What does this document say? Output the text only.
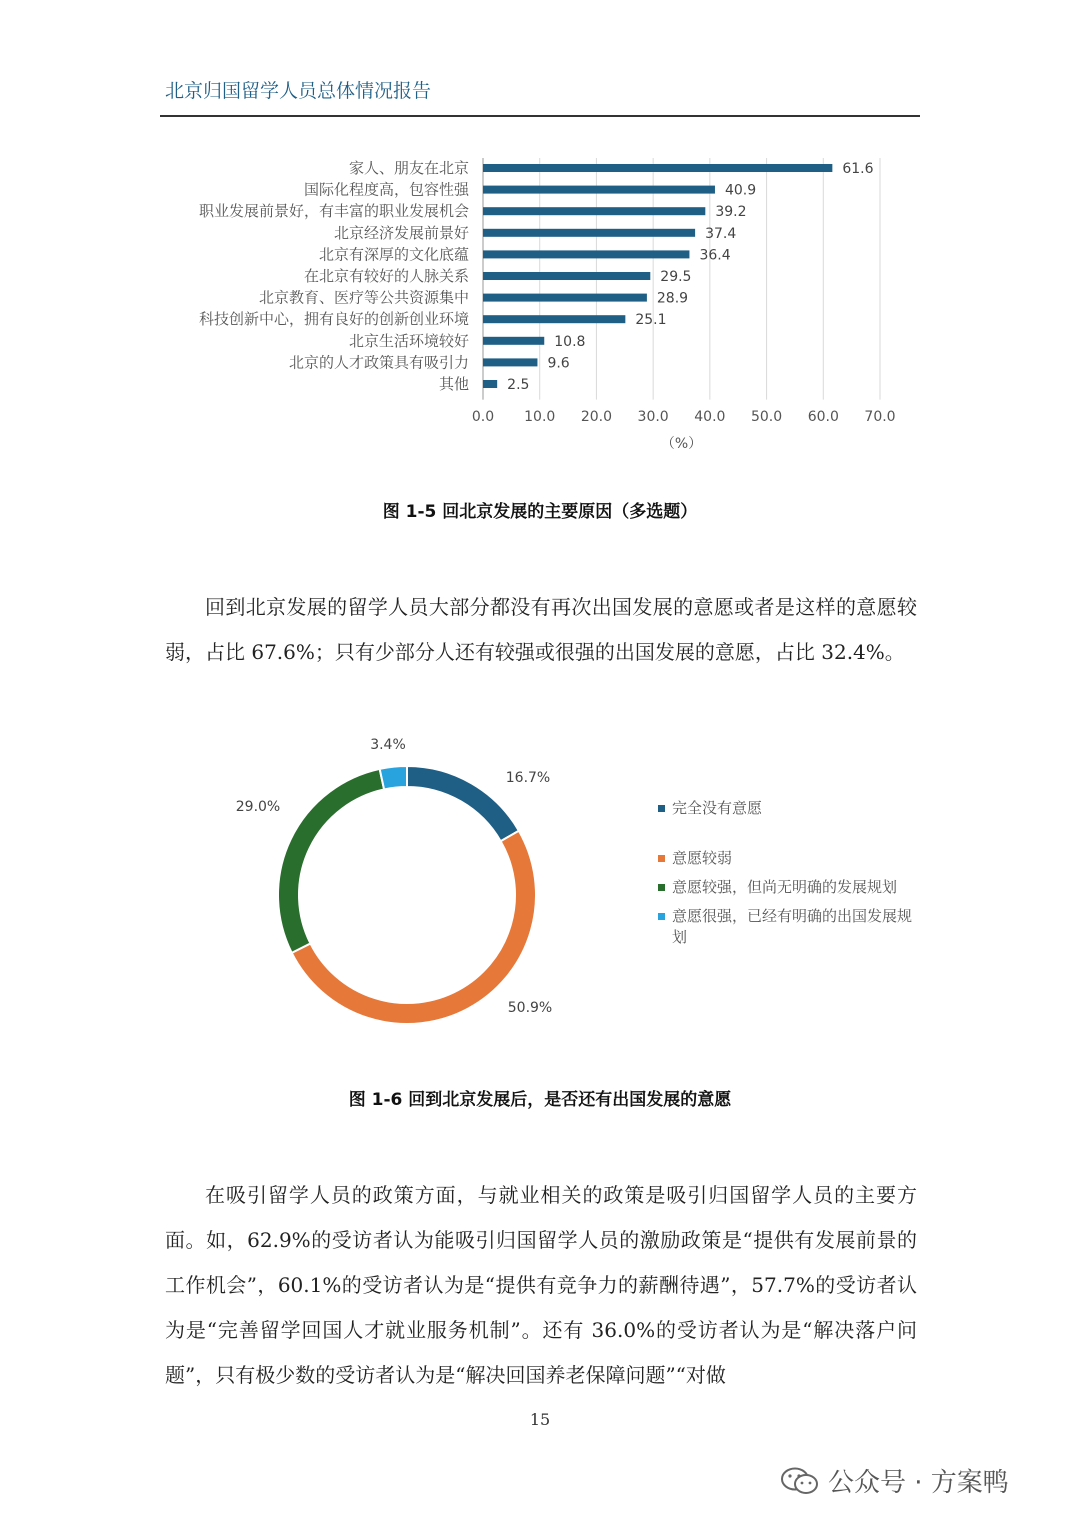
北京归国留学人员总体情况报告
0.0 10.0 20.0 30.0 40.0 50.0 60.0 70.0
（%）
家人、朋友在北京	61.6
国际化程度高，包容性强	40.9
职业发展前景好，有丰富的职业发展机会	39.2
北京经济发展前景好	37.4
北京有深厚的文化底蕴	36.4
在北京有较好的人脉关系	29.5
北京教育、医疗等公共资源集中	28.9
科技创新中心，拥有良好的创新创业环境	25.1
北京生活环境较好	10.8
北京的人才政策具有吸引力	9.6
其他	2.5
图 1-5 回北京发展的主要原因（多选题）

回到北京发展的留学人员大部分都没有再次出国发展的意愿或者是这样的意愿较弱，占比 67.6%；只有少部分人还有较强或很强的出国发展的意愿，占比 32.4%。

16.7%
50.9%
29.0%
3.4%
完全没有意愿
意愿较弱
意愿较强，但尚无明确的发展规划
意愿很强，已经有明确的出国发展规划
图 1-6 回到北京发展后，是否还有出国发展的意愿

在吸引留学人员的政策方面，与就业相关的政策是吸引归国留学人员的主要方面。如，62.9%的受访者认为能吸引归国留学人员的激励政策是“提供有发展前景的工作机会”，60.1%的受访者认为是“提供有竞争力的薪酬待遇”，57.7%的受访者认为是“完善留学回国人才就业服务机制”。还有 36.0%的受访者认为是“解决落户问题”，只有极少数的受访者认为是“解决回国养老保障问题”“对做

15
公众号 · 方案鸭
